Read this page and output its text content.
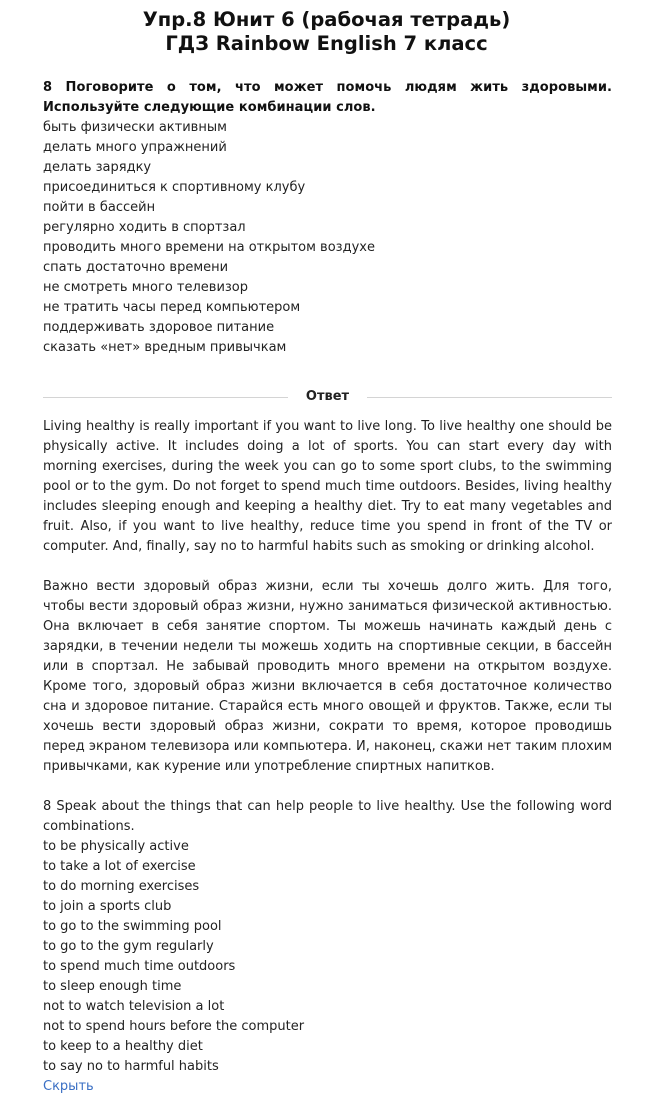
Упр.8 Юнит 6 (рабочая тетрадь)
ГДЗ Rainbow English 7 класс

8 Поговорите о том, что может помочь людям жить здоровыми. Используйте следующие комбинации слов.

быть физически активным
делать много упражнений
делать зарядку
присоединиться к спортивному клубу
пойти в бассейн
регулярно ходить в спортзал
проводить много времени на открытом воздухе
спать достаточно времени
не смотреть много телевизор
не тратить часы перед компьютером
поддерживать здоровое питание
сказать «нет» вредным привычкам
Ответ

Living healthy is really important if you want to live long. To live healthy one should be physically active. It includes doing a lot of sports. You can start every day with morning exercises, during the week you can go to some sport clubs, to the swimming pool or to the gym. Do not forget to spend much time outdoors. Besides, living healthy includes sleeping enough and keeping a healthy diet. Try to eat many vegetables and fruit. Also, if you want to live healthy, reduce time you spend in front of the TV or computer. And, finally, say no to harmful habits such as smoking or drinking alcohol.

Важно вести здоровый образ жизни, если ты хочешь долго жить. Для того, чтобы вести здоровый образ жизни, нужно заниматься физической активностью. Она включает в себя занятие спортом. Ты можешь начинать каждый день с зарядки, в течении недели ты можешь ходить на спортивные секции, в бассейн или в спортзал. Не забывай проводить много времени на открытом воздухе. Кроме того, здоровый образ жизни включается в себя достаточное количество сна и здоровое питание. Старайся есть много овощей и фруктов. Также, если ты хочешь вести здоровый образ жизни, сократи то время, которое проводишь перед экраном телевизора или компьютера. И, наконец, скажи нет таким плохим привычками, как курение или употребление спиртных напитков.

8 Speak about the things that can help people to live healthy. Use the following word combinations.

to be physically active
to take a lot of exercise
to do morning exercises
to join a sports club
to go to the swimming pool
to go to the gym regularly
to spend much time outdoors
to sleep enough time
not to watch television a lot
not to spend hours before the computer
to keep to a healthy diet
to say no to harmful habits
Скрыть
